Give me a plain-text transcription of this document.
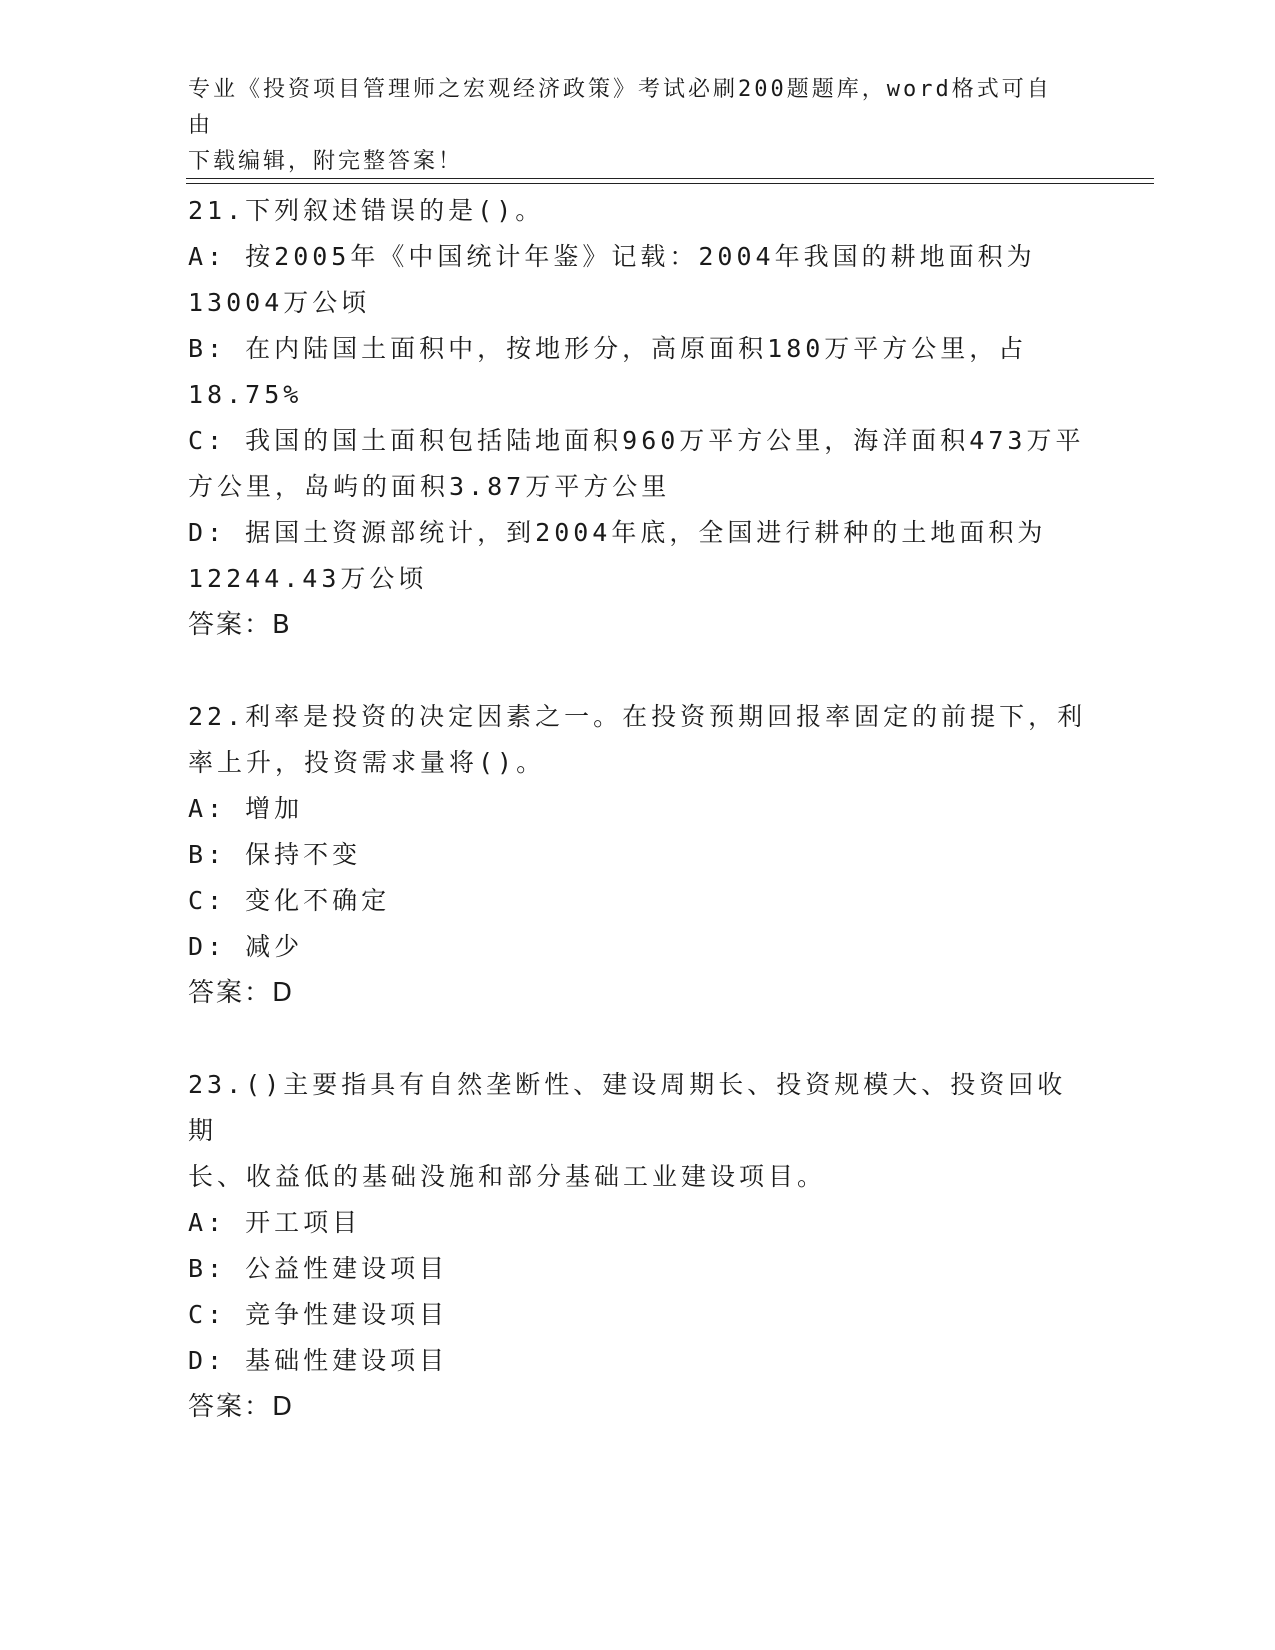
专业《投资项目管理师之宏观经济政策》考试必刷200题题库，word格式可自由
下载编辑，附完整答案！
21.下列叙述错误的是()。
A: 按2005年《中国统计年鉴》记载：2004年我国的耕地面积为
13004万公顷
B: 在内陆国土面积中，按地形分，高原面积180万平方公里，占
18.75%
C: 我国的国土面积包括陆地面积960万平方公里，海洋面积473万平
方公里，岛屿的面积3.87万平方公里
D: 据国土资源部统计，到2004年底，全国进行耕种的土地面积为
12244.43万公顷
答案：B
22.利率是投资的决定因素之一。在投资预期回报率固定的前提下，利
率上升，投资需求量将()。
A: 增加
B: 保持不变
C: 变化不确定
D: 减少
答案：D
23.()主要指具有自然垄断性、建设周期长、投资规模大、投资回收期
长、收益低的基础没施和部分基础工业建设项目。
A: 开工项目
B: 公益性建设项目
C: 竞争性建设项目
D: 基础性建设项目
答案：D
